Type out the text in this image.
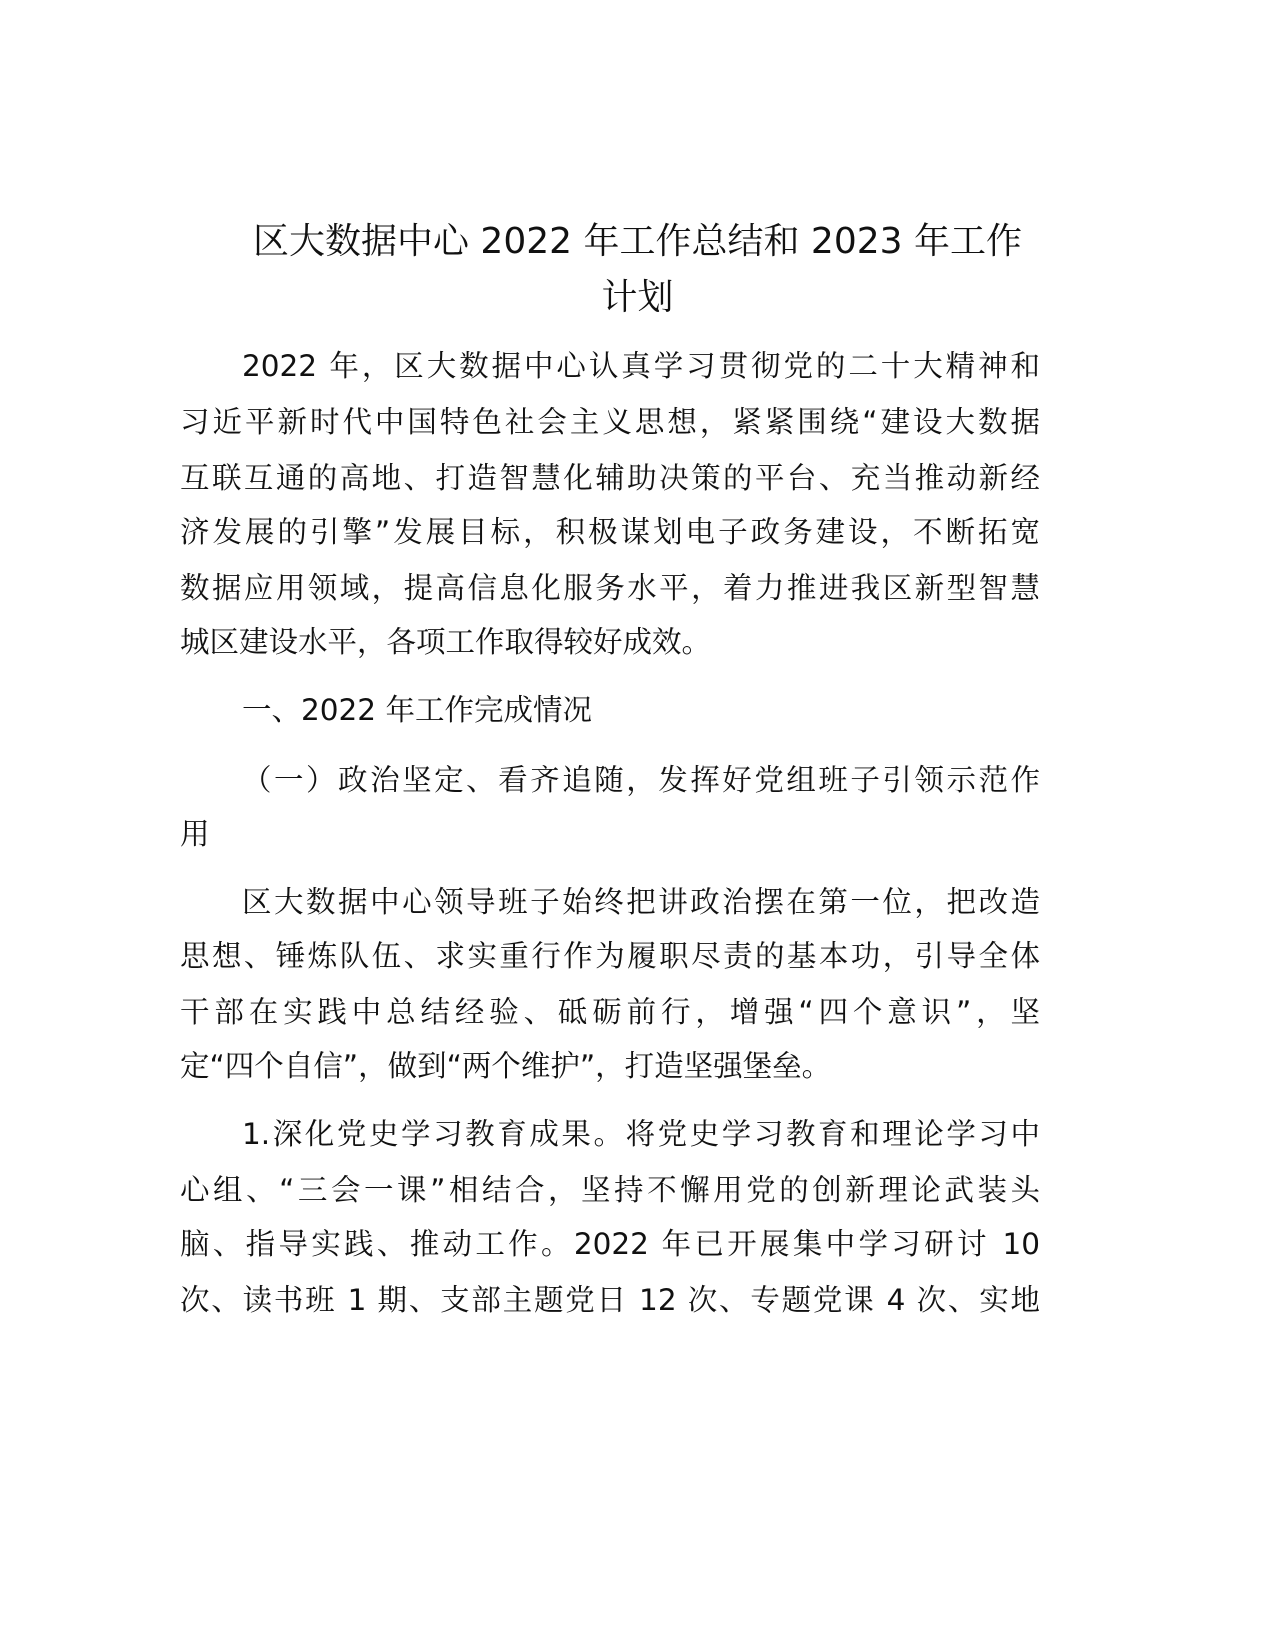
区大数据中心 2022 年工作总结和 2023 年工作
计划
2022 年，区大数据中心认真学习贯彻党的二十大精神和
习近平新时代中国特色社会主义思想，紧紧围绕“建设大数据
互联互通的高地、打造智慧化辅助决策的平台、充当推动新经
济发展的引擎”发展目标，积极谋划电子政务建设，不断拓宽
数据应用领域，提高信息化服务水平，着力推进我区新型智慧
城区建设水平，各项工作取得较好成效。
一、2022 年工作完成情况
（一）政治坚定、看齐追随，发挥好党组班子引领示范作
用
区大数据中心领导班子始终把讲政治摆在第一位，把改造
思想、锤炼队伍、求实重行作为履职尽责的基本功，引导全体
干部在实践中总结经验、砥砺前行，增强“四个意识”，坚
定“四个自信”，做到“两个维护”，打造坚强堡垒。
1.深化党史学习教育成果。将党史学习教育和理论学习中
心组、“三会一课”相结合，坚持不懈用党的创新理论武装头
脑、指导实践、推动工作。2022 年已开展集中学习研讨 10
次、读书班 1 期、支部主题党日 12 次、专题党课 4 次、实地
